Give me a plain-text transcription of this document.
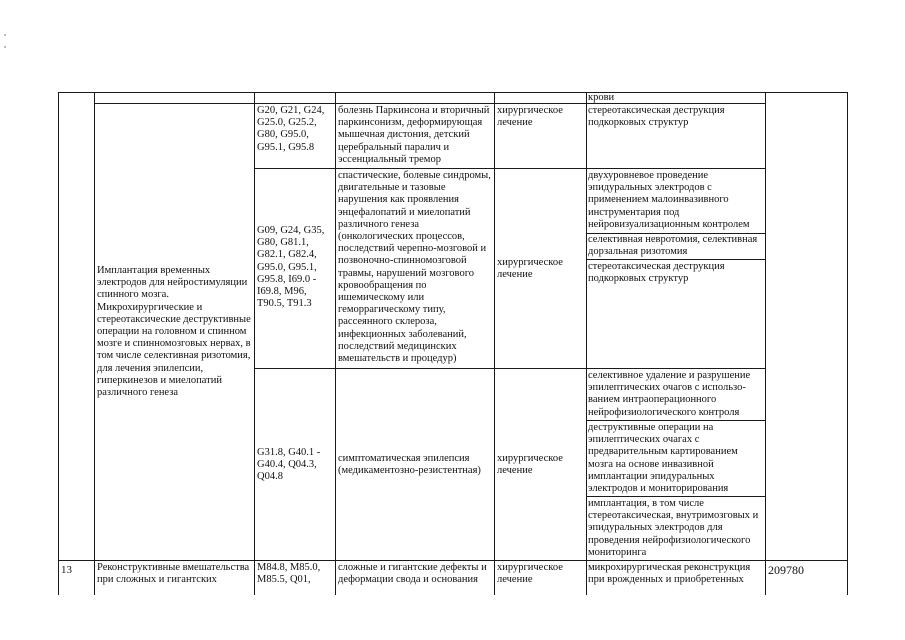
крови
Имплантация временных
электродов для нейростимуляции
спинного мозга.
Микрохирургические и
стереотаксические деструктивные
операции на головном и спинном
мозге и спинномозговых нервах, в
том числе селективная ризотомия,
для лечения эпилепсии,
гиперкинезов и миелопатий
различного генеза
G20, G21, G24,
G25.0, G25.2,
G80, G95.0,
G95.1, G95.8
болезнь Паркинсона и вторичный
паркинсонизм, деформирующая
мышечная дистония, детский
церебральный паралич и
эссенциальный тремор
хирургическое
лечение
стереотаксическая деструкция
подкорковых структур
G09, G24, G35,
G80, G81.1,
G82.1, G82.4,
G95.0, G95.1,
G95.8, I69.0 -
I69.8, M96,
T90.5, T91.3
спастические, болевые синдромы,
двигательные и тазовые
нарушения как проявления
энцефалопатий и миелопатий
различного генеза
(онкологических процессов,
последствий черепно-мозговой и
позвоночно-спинномозговой
травмы, нарушений мозгового
кровообращения по
ишемическому или
геморрагическому типу,
рассеянного склероза,
инфекционных заболеваний,
последствий медицинских
вмешательств и процедур)
хирургическое
лечение
двухуровневое проведение
эпидуральных электродов с
применением малоинвазивного
инструментария под
нейровизуализационным контролем
селективная невротомия, селективная
дорзальная ризотомия
стереотаксическая деструкция
подкорковых структур
G31.8, G40.1 -
G40.4, Q04.3,
Q04.8
симптоматическая эпилепсия
(медикаментозно-резистентная)
хирургическое
лечение
селективное удаление и разрушение
эпилептических очагов с использо-
ванием интраоперационного
нейрофизиологического контроля
деструктивные операции на
эпилептических очагах с
предварительным картированием
мозга на основе инвазивной
имплантации эпидуральных
электродов и мониторирования
имплантация, в том числе
стереотаксическая, внутримозговых и
эпидуральных электродов для
проведения нейрофизиологического
мониторинга
13	Реконструктивные вмешательства
при сложных и гигантских
M84.8, M85.0,
M85.5, Q01,
сложные и гигантские дефекты и
деформации свода и основания
хирургическое
лечение
микрохирургическая реконструкция
при врожденных и приобретенных
209780
